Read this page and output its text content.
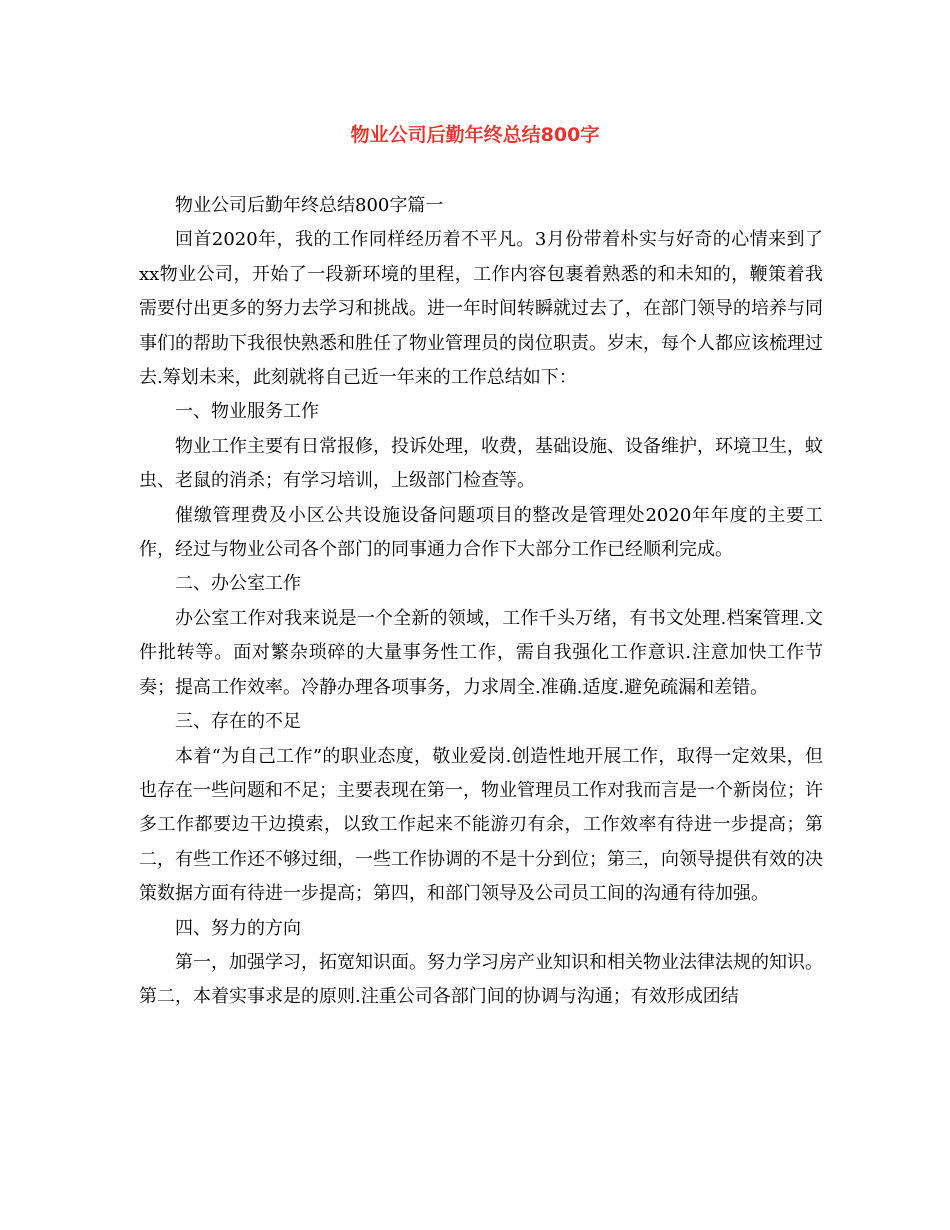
物业公司后勤年终总结800字

物业公司后勤年终总结800字篇一

回首2020年，我的工作同样经历着不平凡。3月份带着朴实与好奇的心情来到了xx物业公司，开始了一段新环境的里程，工作内容包裹着熟悉的和未知的，鞭策着我需要付出更多的努力去学习和挑战。进一年时间转瞬就过去了，在部门领导的培养与同事们的帮助下我很快熟悉和胜任了物业管理员的岗位职责。岁末，每个人都应该梳理过去.筹划未来，此刻就将自己近一年来的工作总结如下：

一、物业服务工作

物业工作主要有日常报修，投诉处理，收费，基础设施、设备维护，环境卫生，蚊虫、老鼠的消杀；有学习培训，上级部门检查等。

催缴管理费及小区公共设施设备问题项目的整改是管理处2020年年度的主要工作，经过与物业公司各个部门的同事通力合作下大部分工作已经顺利完成。

二、办公室工作

办公室工作对我来说是一个全新的领域，工作千头万绪，有书文处理.档案管理.文件批转等。面对繁杂琐碎的大量事务性工作，需自我强化工作意识.注意加快工作节奏；提高工作效率。冷静办理各项事务，力求周全.准确.适度.避免疏漏和差错。

三、存在的不足

本着“为自己工作”的职业态度，敬业爱岗.创造性地开展工作，取得一定效果，但也存在一些问题和不足；主要表现在第一，物业管理员工作对我而言是一个新岗位；许多工作都要边干边摸索，以致工作起来不能游刃有余，工作效率有待进一步提高；第二，有些工作还不够过细，一些工作协调的不是十分到位；第三，向领导提供有效的决策数据方面有待进一步提高；第四，和部门领导及公司员工间的沟通有待加强。

四、努力的方向

第一，加强学习，拓宽知识面。努力学习房产业知识和相关物业法律法规的知识。第二，本着实事求是的原则.注重公司各部门间的协调与沟通；有效形成团结
